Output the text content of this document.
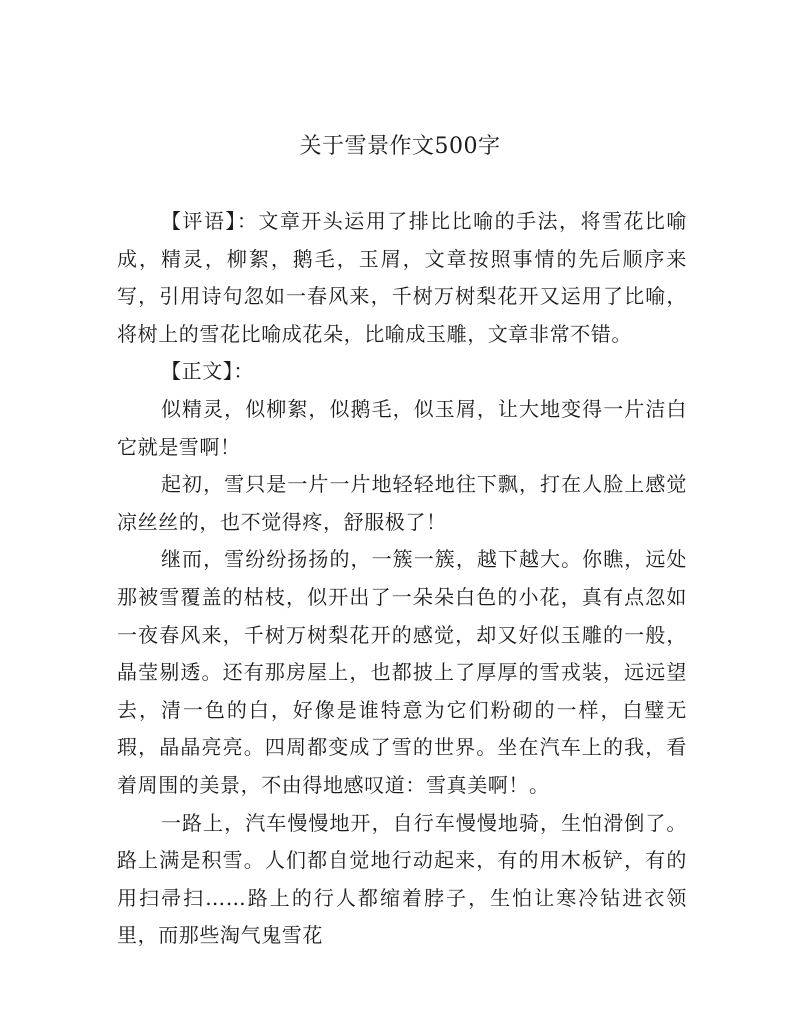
关于雪景作文500字

【评语】：文章开头运用了排比比喻的手法，将雪花比喻成，精灵，柳絮，鹅毛，玉屑，文章按照事情的先后顺序来写，引用诗句忽如一春风来，千树万树梨花开又运用了比喻，将树上的雪花比喻成花朵，比喻成玉雕，文章非常不错。

【正文】：

似精灵，似柳絮，似鹅毛，似玉屑，让大地变得一片洁白它就是雪啊！

起初，雪只是一片一片地轻轻地往下飘，打在人脸上感觉凉丝丝的，也不觉得疼，舒服极了！

继而，雪纷纷扬扬的，一簇一簇，越下越大。你瞧，远处那被雪覆盖的枯枝，似开出了一朵朵白色的小花，真有点忽如一夜春风来，千树万树梨花开的感觉，却又好似玉雕的一般，晶莹剔透。还有那房屋上，也都披上了厚厚的雪戎装，远远望去，清一色的白，好像是谁特意为它们粉砌的一样，白璧无瑕，晶晶亮亮。四周都变成了雪的世界。坐在汽车上的我，看着周围的美景，不由得地感叹道：雪真美啊！。

一路上，汽车慢慢地开，自行车慢慢地骑，生怕滑倒了。路上满是积雪。人们都自觉地行动起来，有的用木板铲，有的用扫帚扫……路上的行人都缩着脖子，生怕让寒冷钻进衣领里，而那些淘气鬼雪花
